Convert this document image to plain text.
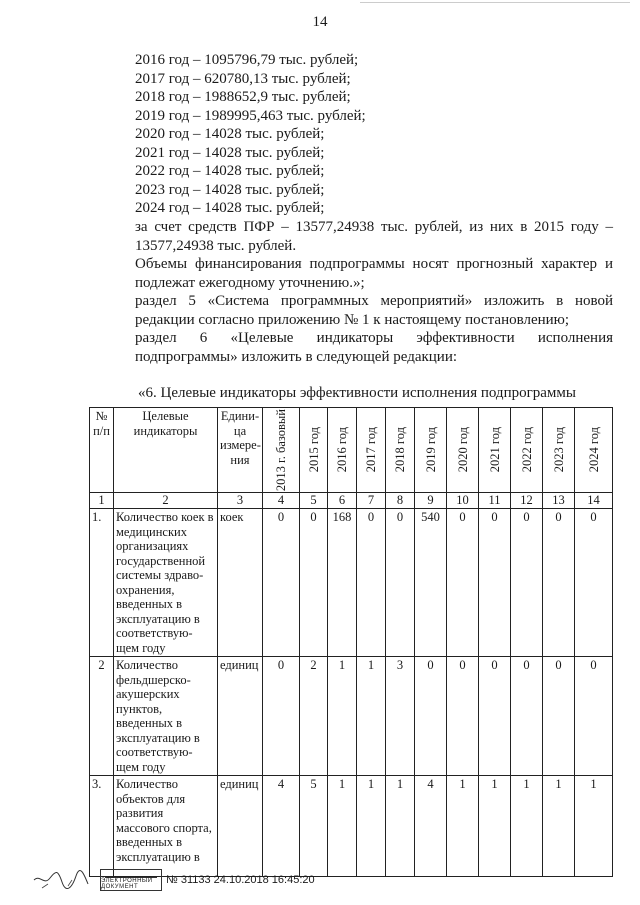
14
2016 год – 1095796,79 тыс. рублей;
2017 год – 620780,13 тыс. рублей;
2018 год – 1988652,9 тыс. рублей;
2019 год – 1989995,463 тыс. рублей;
2020 год – 14028 тыс. рублей;
2021 год – 14028 тыс. рублей;
2022 год – 14028 тыс. рублей;
2023 год – 14028 тыс. рублей;
2024 год – 14028 тыс. рублей;
за счет средств ПФР – 13577,24938 тыс. рублей, из них в 2015 году – 13577,24938 тыс. рублей.
Объемы финансирования подпрограммы носят прогнозный характер и подлежат ежегодному уточнению.»;
раздел 5 «Система программных мероприятий» изложить в новой редакции согласно приложению № 1 к настоящему постановлению;
раздел 6 «Целевые индикаторы эффективности исполнения подпрограммы» изложить в следующей редакции:
«6. Целевые индикаторы эффективности исполнения подпрограммы
№ п/п	Целевые индикаторы	Едини-ца измере-ния	2013 г. базовый	2015 год	2016 год	2017 год	2018 год	2019 год	2020 год	2021 год	2022 год	2023 год	2024 год

1	2	3	4	5	6	7	8	9	10	11	12	13	14
1.	Количество коек в медицинских организациях государственной системы здраво-охранения, введенных в эксплуатацию в соответствую-щем году	коек	0	0	168	0	0	540	0	0	0	0	0
2	Количество фельдшерско-акушерских пунктов, введенных в эксплуатацию в соответствую-щем году	единиц	0	2	1	1	3	0	0	0	0	0	0
3.	Количество объектов для развития массового спорта, введенных в эксплуатацию в	единиц	4	5	1	1	1	4	1	1	1	1	1
ЭЛЕКТРОННЫЙ ДОКУМЕНТ
№ 31133 24.10.2018 16:45:20
